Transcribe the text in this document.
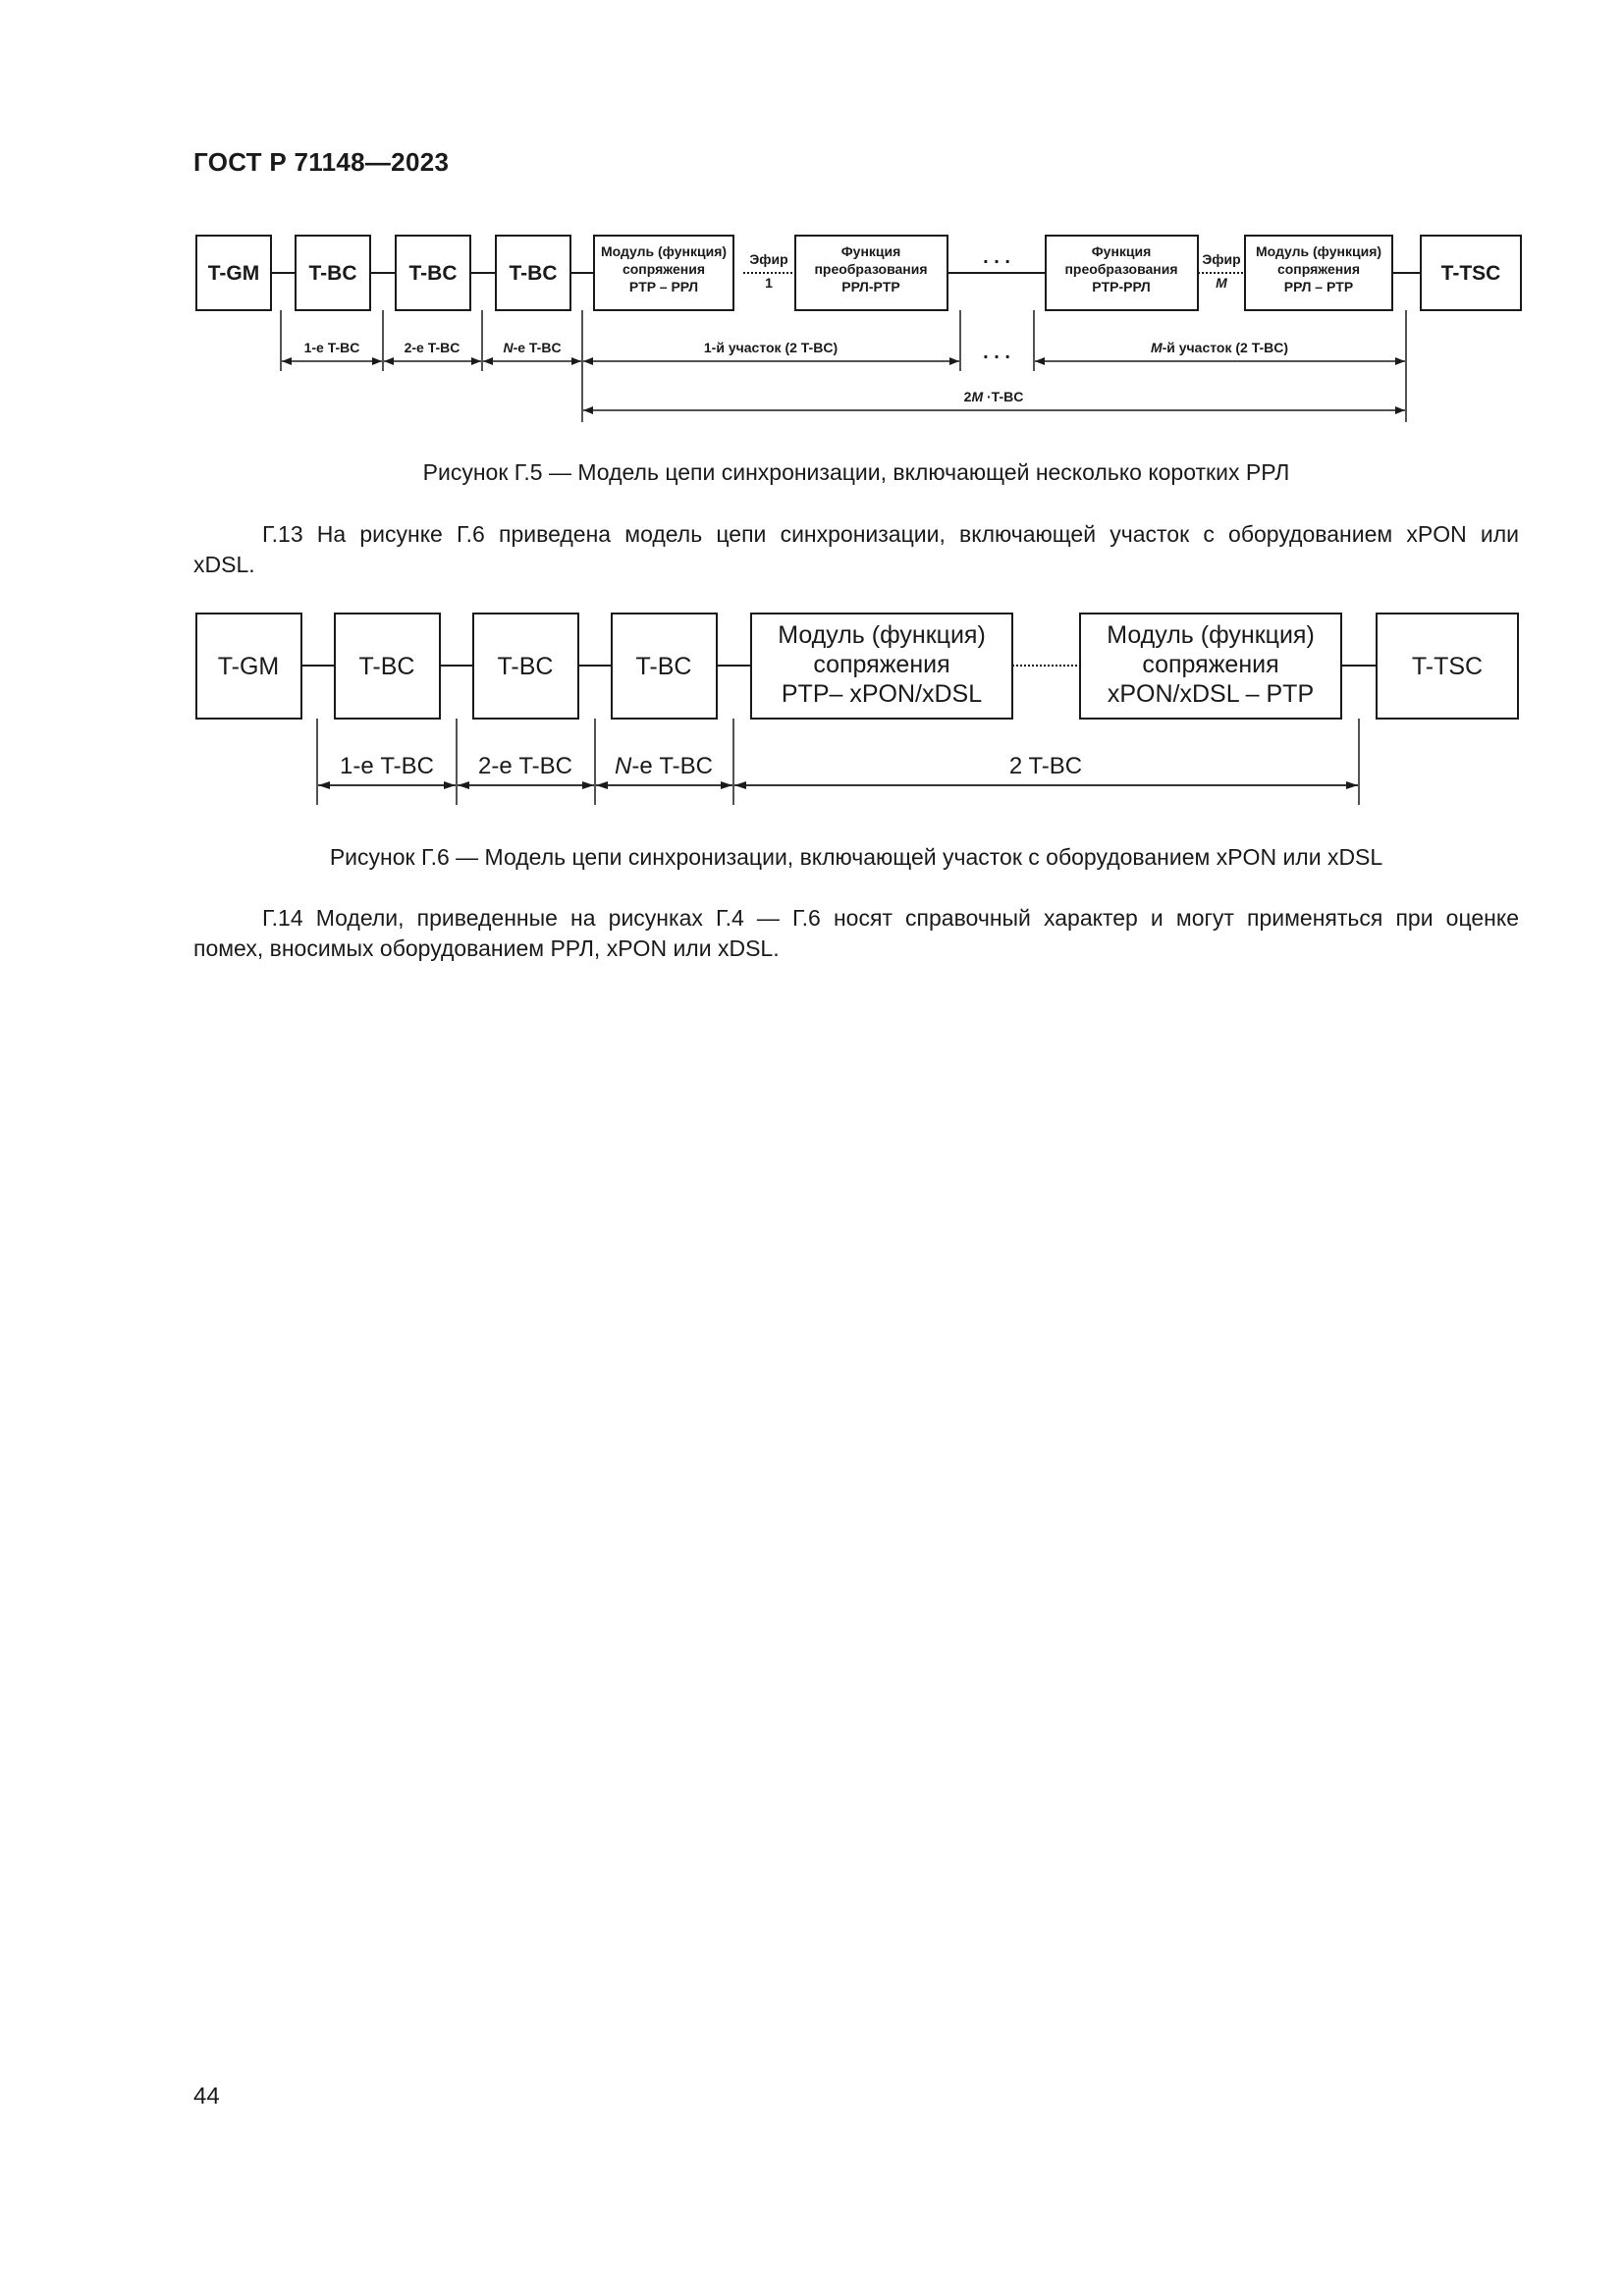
ГОСТ Р 71148—2023
T-GM T-BC	T-BC	T-BC	T-TSC
Модуль (функция)
сопряжения
PTP – РРЛ
Эфир
1
Функция
преобразования
РРЛ-PTP
Функция
преобразования
PTP-РРЛ
Эфир
M
Модуль (функция)
сопряжения
РРЛ – PTP
. . .
1-е T-BC	2-е T-BC	N-е T-BC	1-й участок (2 T-BC)	M-й участок (2 T-BC)
2M ·T-BC
. . .
Рисунок Г.5 — Модель цепи синхронизации, включающей несколько коротких РРЛ
Г.13 На рисунке Г.6 приведена модель цепи синхронизации, включающей участок с оборудованием xPON или
xDSL.
T-GM	T-BC	T-BC	T-BC	T-TSC
Модуль (функция)
сопряжения
PTP– xPON/xDSL
Модуль (функция)
сопряжения
xPON/xDSL – PTP
1-е T-BC 2-е T-BC N-е T-BC	2 T-BC
Рисунок Г.6 — Модель цепи синхронизации, включающей участок с оборудованием xPON или xDSL
Г.14 Модели, приведенные на рисунках Г.4 — Г.6 носят справочный характер и могут применяться при оценке
помех, вносимых оборудованием РРЛ, xPON или xDSL.
44
